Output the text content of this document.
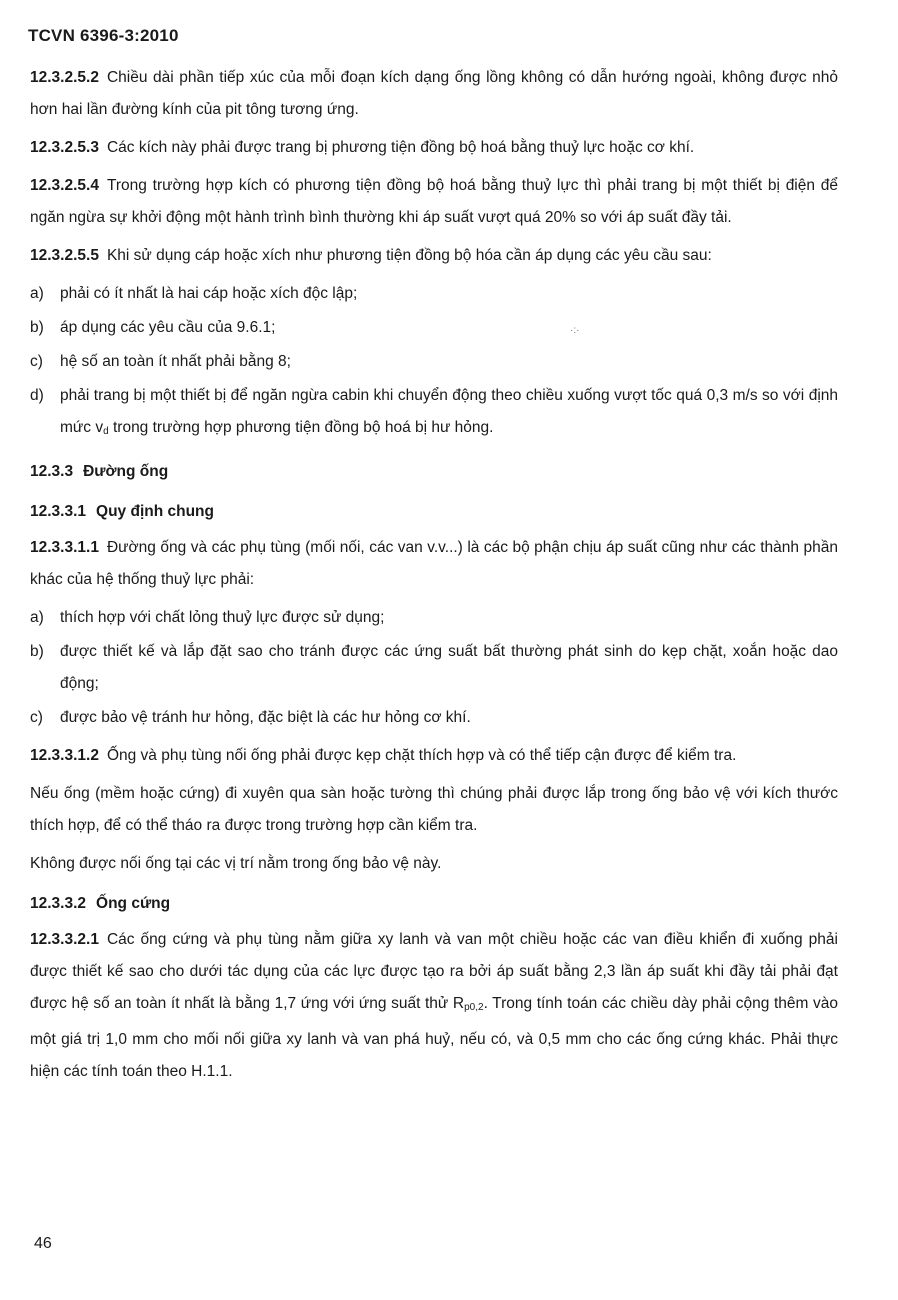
TCVN 6396-3:2010

12.3.2.5.2 Chiều dài phần tiếp xúc của mỗi đoạn kích dạng ống lồng không có dẫn hướng ngoài, không được nhỏ hơn hai lần đường kính của pit tông tương ứng.

12.3.2.5.3 Các kích này phải được trang bị phương tiện đồng bộ hoá bằng thuỷ lực hoặc cơ khí.

12.3.2.5.4 Trong trường hợp kích có phương tiện đồng bộ hoá bằng thuỷ lực thì phải trang bị một thiết bị điện để ngăn ngừa sự khởi động một hành trình bình thường khi áp suất vượt quá 20% so với áp suất đầy tải.

12.3.2.5.5 Khi sử dụng cáp hoặc xích như phương tiện đồng bộ hóa cần áp dụng các yêu cầu sau:

a) phải có ít nhất là hai cáp hoặc xích độc lập;
b) áp dụng các yêu cầu của 9.6.1;
c) hệ số an toàn ít nhất phải bằng 8;
d) phải trang bị một thiết bị để ngăn ngừa cabin khi chuyển động theo chiều xuống vượt tốc quá 0,3 m/s so với định mức $v_d$ trong trường hợp phương tiện đồng bộ hoá bị hư hỏng.
12.3.3 Đường ống
12.3.3.1 Quy định chung

12.3.3.1.1 Đường ống và các phụ tùng (mối nối, các van v.v...) là các bộ phận chịu áp suất cũng như các thành phần khác của hệ thống thuỷ lực phải:

a) thích hợp với chất lỏng thuỷ lực được sử dụng;
b) được thiết kế và lắp đặt sao cho tránh được các ứng suất bất thường phát sinh do kẹp chặt, xoắn hoặc dao động;
c) được bảo vệ tránh hư hỏng, đặc biệt là các hư hỏng cơ khí.

12.3.3.1.2 Ống và phụ tùng nối ống phải được kẹp chặt thích hợp và có thể tiếp cận được để kiểm tra.

Nếu ống (mềm hoặc cứng) đi xuyên qua sàn hoặc tường thì chúng phải được lắp trong ống bảo vệ với kích thước thích hợp, để có thể tháo ra được trong trường hợp cần kiểm tra.

Không được nối ống tại các vị trí nằm trong ống bảo vệ này.

12.3.3.2 Ống cứng

12.3.3.2.1 Các ống cứng và phụ tùng nằm giữa xy lanh và van một chiều hoặc các van điều khiển đi xuống phải được thiết kế sao cho dưới tác dụng của các lực được tạo ra bởi áp suất bằng 2,3 lần áp suất khi đầy tải phải đạt được hệ số an toàn ít nhất là bằng 1,7 ứng với ứng suất thử $R_{p0,2}$. Trong tính toán các chiều dày phải cộng thêm vào một giá trị 1,0 mm cho mối nối giữa xy lanh và van phá huỷ, nếu có, và 0,5 mm cho các ống cứng khác. Phải thực hiện các tính toán theo H.1.1.

·:·
46
